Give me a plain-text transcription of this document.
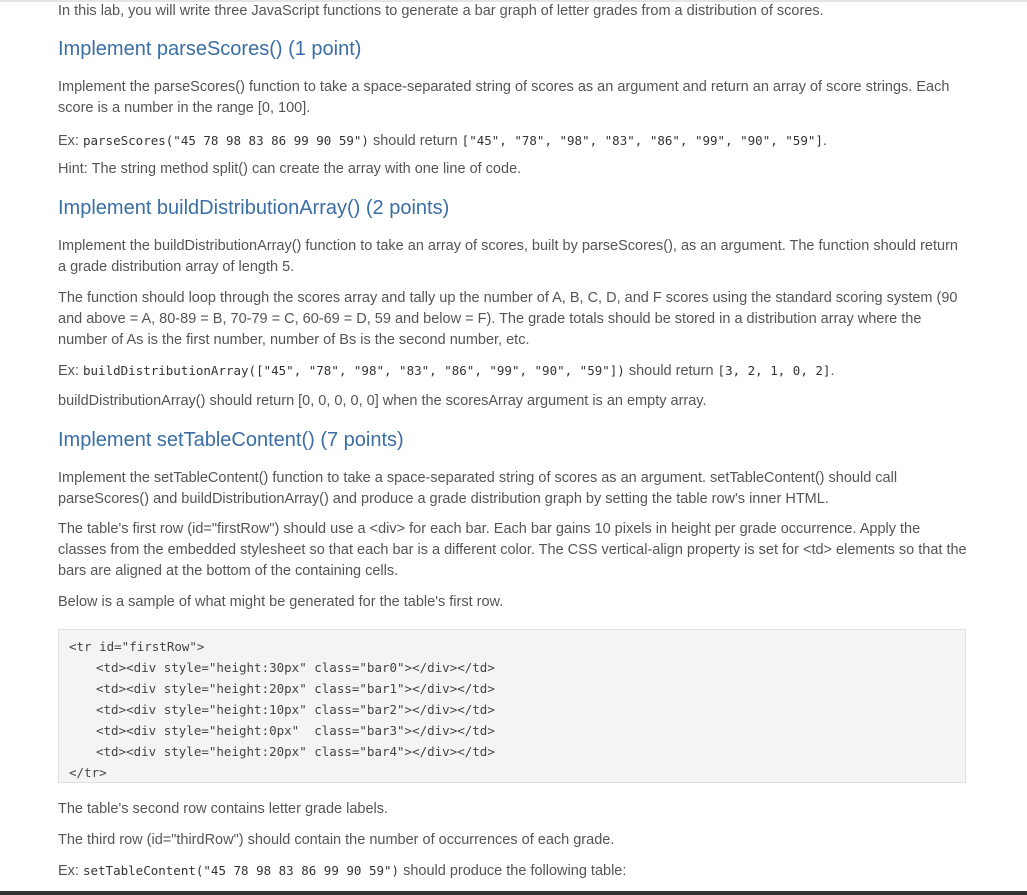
In this lab, you will write three JavaScript functions to generate a bar graph of letter grades from a distribution of scores.

Implement parseScores() (1 point)

Implement the parseScores() function to take a space-separated string of scores as an argument and return an array of score strings. Each score is a number in the range [0, 100].

Ex: parseScores("45 78 98 83 86 99 90 59") should return ["45", "78", "98", "83", "86", "99", "90", "59"].

Hint: The string method split() can create the array with one line of code.

Implement buildDistributionArray() (2 points)

Implement the buildDistributionArray() function to take an array of scores, built by parseScores(), as an argument. The function should return a grade distribution array of length 5.

The function should loop through the scores array and tally up the number of A, B, C, D, and F scores using the standard scoring system (90 and above = A, 80-89 = B, 70-79 = C, 60-69 = D, 59 and below = F). The grade totals should be stored in a distribution array where the number of As is the first number, number of Bs is the second number, etc.

Ex: buildDistributionArray(["45", "78", "98", "83", "86", "99", "90", "59"]) should return [3, 2, 1, 0, 2].

buildDistributionArray() should return [0, 0, 0, 0, 0] when the scoresArray argument is an empty array.

Implement setTableContent() (7 points)

Implement the setTableContent() function to take a space-separated string of scores as an argument. setTableContent() should call parseScores() and buildDistributionArray() and produce a grade distribution graph by setting the table row's inner HTML.

The table's first row (id="firstRow") should use a <div> for each bar. Each bar gains 10 pixels in height per grade occurrence. Apply the classes from the embedded stylesheet so that each bar is a different color. The CSS vertical-align property is set for <td> elements so that the bars are aligned at the bottom of the containing cells.

Below is a sample of what might be generated for the table's first row.

<tr id="firstRow">
<td><div style="height:30px" class="bar0"></div></td>
<td><div style="height:20px" class="bar1"></div></td>
<td><div style="height:10px" class="bar2"></div></td>
<td><div style="height:0px"  class="bar3"></div></td>
<td><div style="height:20px" class="bar4"></div></td>
</tr>

The table's second row contains letter grade labels.

The third row (id="thirdRow") should contain the number of occurrences of each grade.

Ex: setTableContent("45 78 98 83 86 99 90 59") should produce the following table:
